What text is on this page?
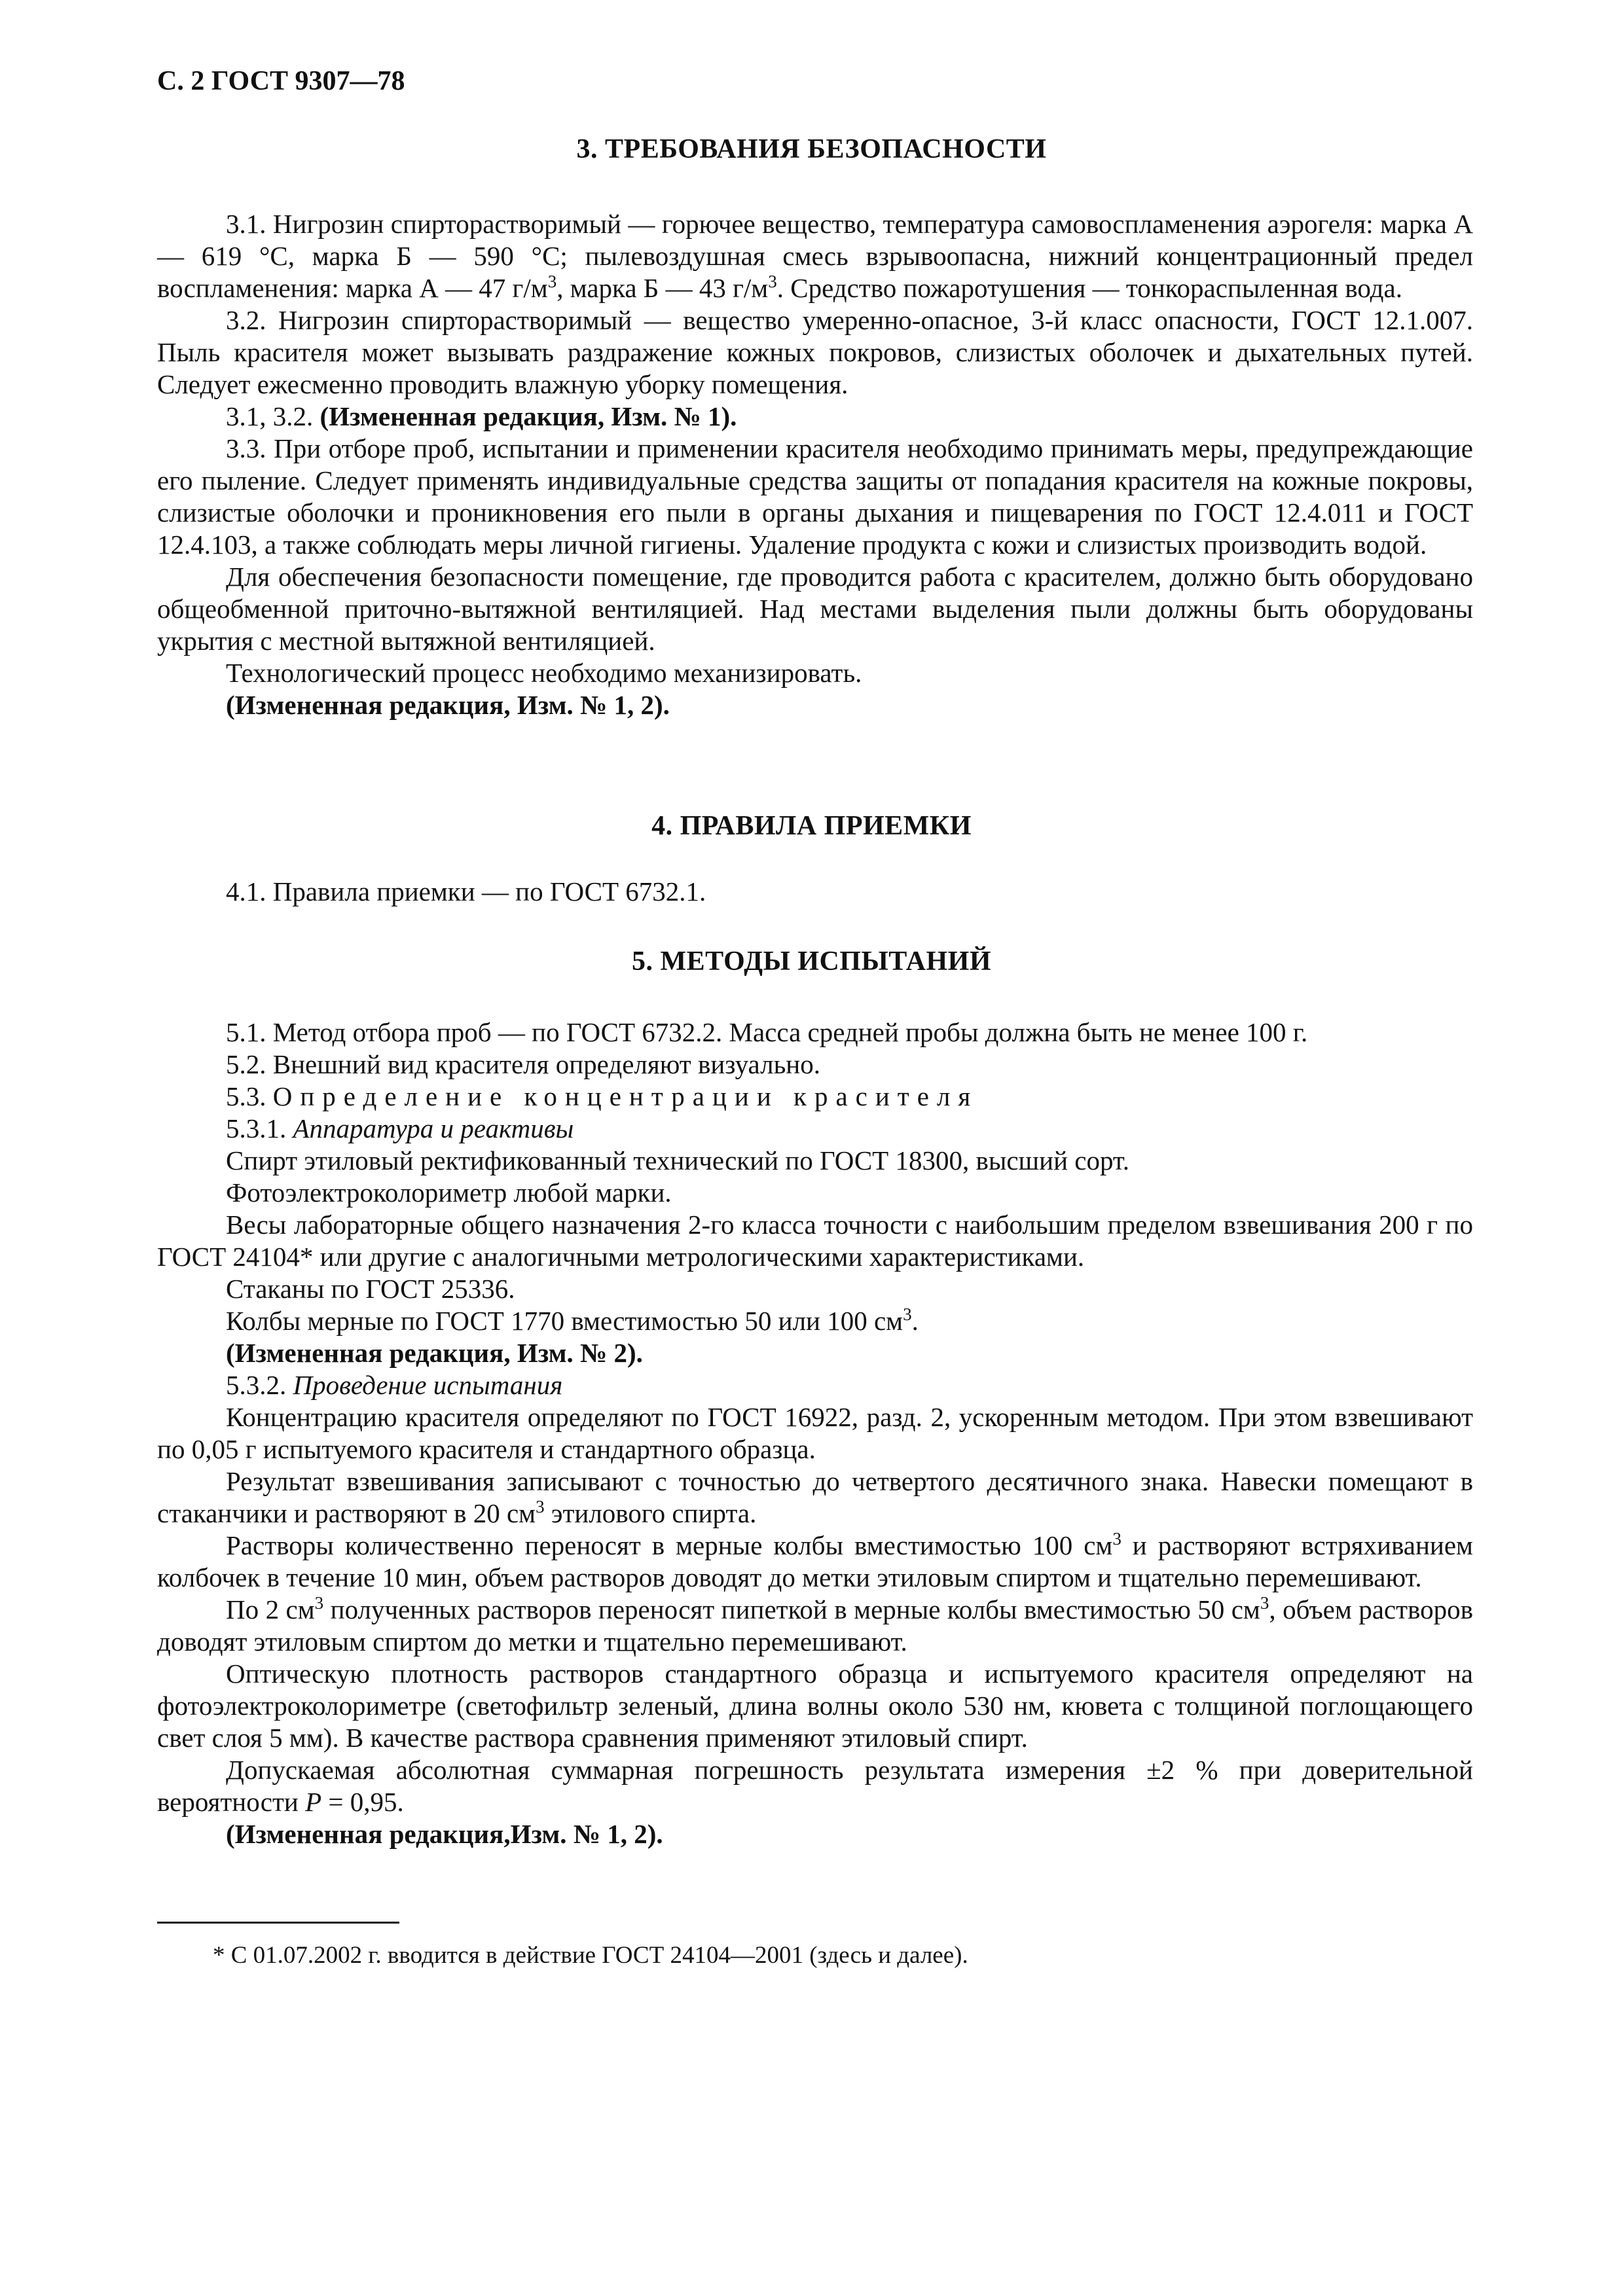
С. 2 ГОСТ 9307—78
3. ТРЕБОВАНИЯ БЕЗОПАСНОСТИ

3.1. Нигрозин спирторастворимый — горючее вещество, температура самовоспламенения аэрогеля: марка А — 619 °С, марка Б — 590 °С; пылевоздушная смесь взрывоопасна, нижний концентрационный предел воспламенения: марка А — 47 $г/м^3$, марка Б — 43 $г/м^3$. Средство пожаротушения — тонкораспыленная вода.

3.2. Нигрозин спирторастворимый — вещество умеренно-опасное, 3-й класс опасности, ГОСТ 12.1.007. Пыль красителя может вызывать раздражение кожных покровов, слизистых оболочек и дыхательных путей. Следует ежесменно проводить влажную уборку помещения.

3.1, 3.2. (Измененная редакция, Изм. № 1).

3.3. При отборе проб, испытании и применении красителя необходимо принимать меры, предупреждающие его пыление. Следует применять индивидуальные средства защиты от попадания красителя на кожные покровы, слизистые оболочки и проникновения его пыли в органы дыхания и пищеварения по ГОСТ 12.4.011 и ГОСТ 12.4.103, а также соблюдать меры личной гигиены. Удаление продукта с кожи и слизистых производить водой.

Для обеспечения безопасности помещение, где проводится работа с красителем, должно быть оборудовано общеобменной приточно-вытяжной вентиляцией. Над местами выделения пыли должны быть оборудованы укрытия с местной вытяжной вентиляцией.

Технологический процесс необходимо механизировать.

(Измененная редакция, Изм. № 1, 2).

4. ПРАВИЛА ПРИЕМКИ

4.1. Правила приемки — по ГОСТ 6732.1.

5. МЕТОДЫ ИСПЫТАНИЙ

5.1. Метод отбора проб — по ГОСТ 6732.2. Масса средней пробы должна быть не менее 100 г.

5.2. Внешний вид красителя определяют визуально.

5.3. Определение концентрации красителя

5.3.1. Аппаратура и реактивы

Спирт этиловый ректификованный технический по ГОСТ 18300, высший сорт.

Фотоэлектроколориметр любой марки.

Весы лабораторные общего назначения 2-го класса точности с наибольшим пределом взвешивания 200 г по ГОСТ 24104* или другие с аналогичными метрологическими характеристиками.

Стаканы по ГОСТ 25336.

Колбы мерные по ГОСТ 1770 вместимостью 50 или 100 $см^3$.

(Измененная редакция, Изм. № 2).

5.3.2. Проведение испытания

Концентрацию красителя определяют по ГОСТ 16922, разд. 2, ускоренным методом. При этом взвешивают по 0,05 г испытуемого красителя и стандартного образца.

Результат взвешивания записывают с точностью до четвертого десятичного знака. Навески помещают в стаканчики и растворяют в 20 $см^3$ этилового спирта.

Растворы количественно переносят в мерные колбы вместимостью 100 $см^3$ и растворяют встряхиванием колбочек в течение 10 мин, объем растворов доводят до метки этиловым спиртом и тщательно перемешивают.

По 2 $см^3$ полученных растворов переносят пипеткой в мерные колбы вместимостью 50 $см^3$, объем растворов доводят этиловым спиртом до метки и тщательно перемешивают.

Оптическую плотность растворов стандартного образца и испытуемого красителя определяют на фотоэлектроколориметре (светофильтр зеленый, длина волны около 530 нм, кювета с толщиной поглощающего свет слоя 5 мм). В качестве раствора сравнения применяют этиловый спирт.

Допускаемая абсолютная суммарная погрешность результата измерения ±2 % при доверительной вероятности Р = 0,95.

(Измененная редакция,Изм. № 1, 2).

* С 01.07.2002 г. вводится в действие ГОСТ 24104—2001 (здесь и далее).
